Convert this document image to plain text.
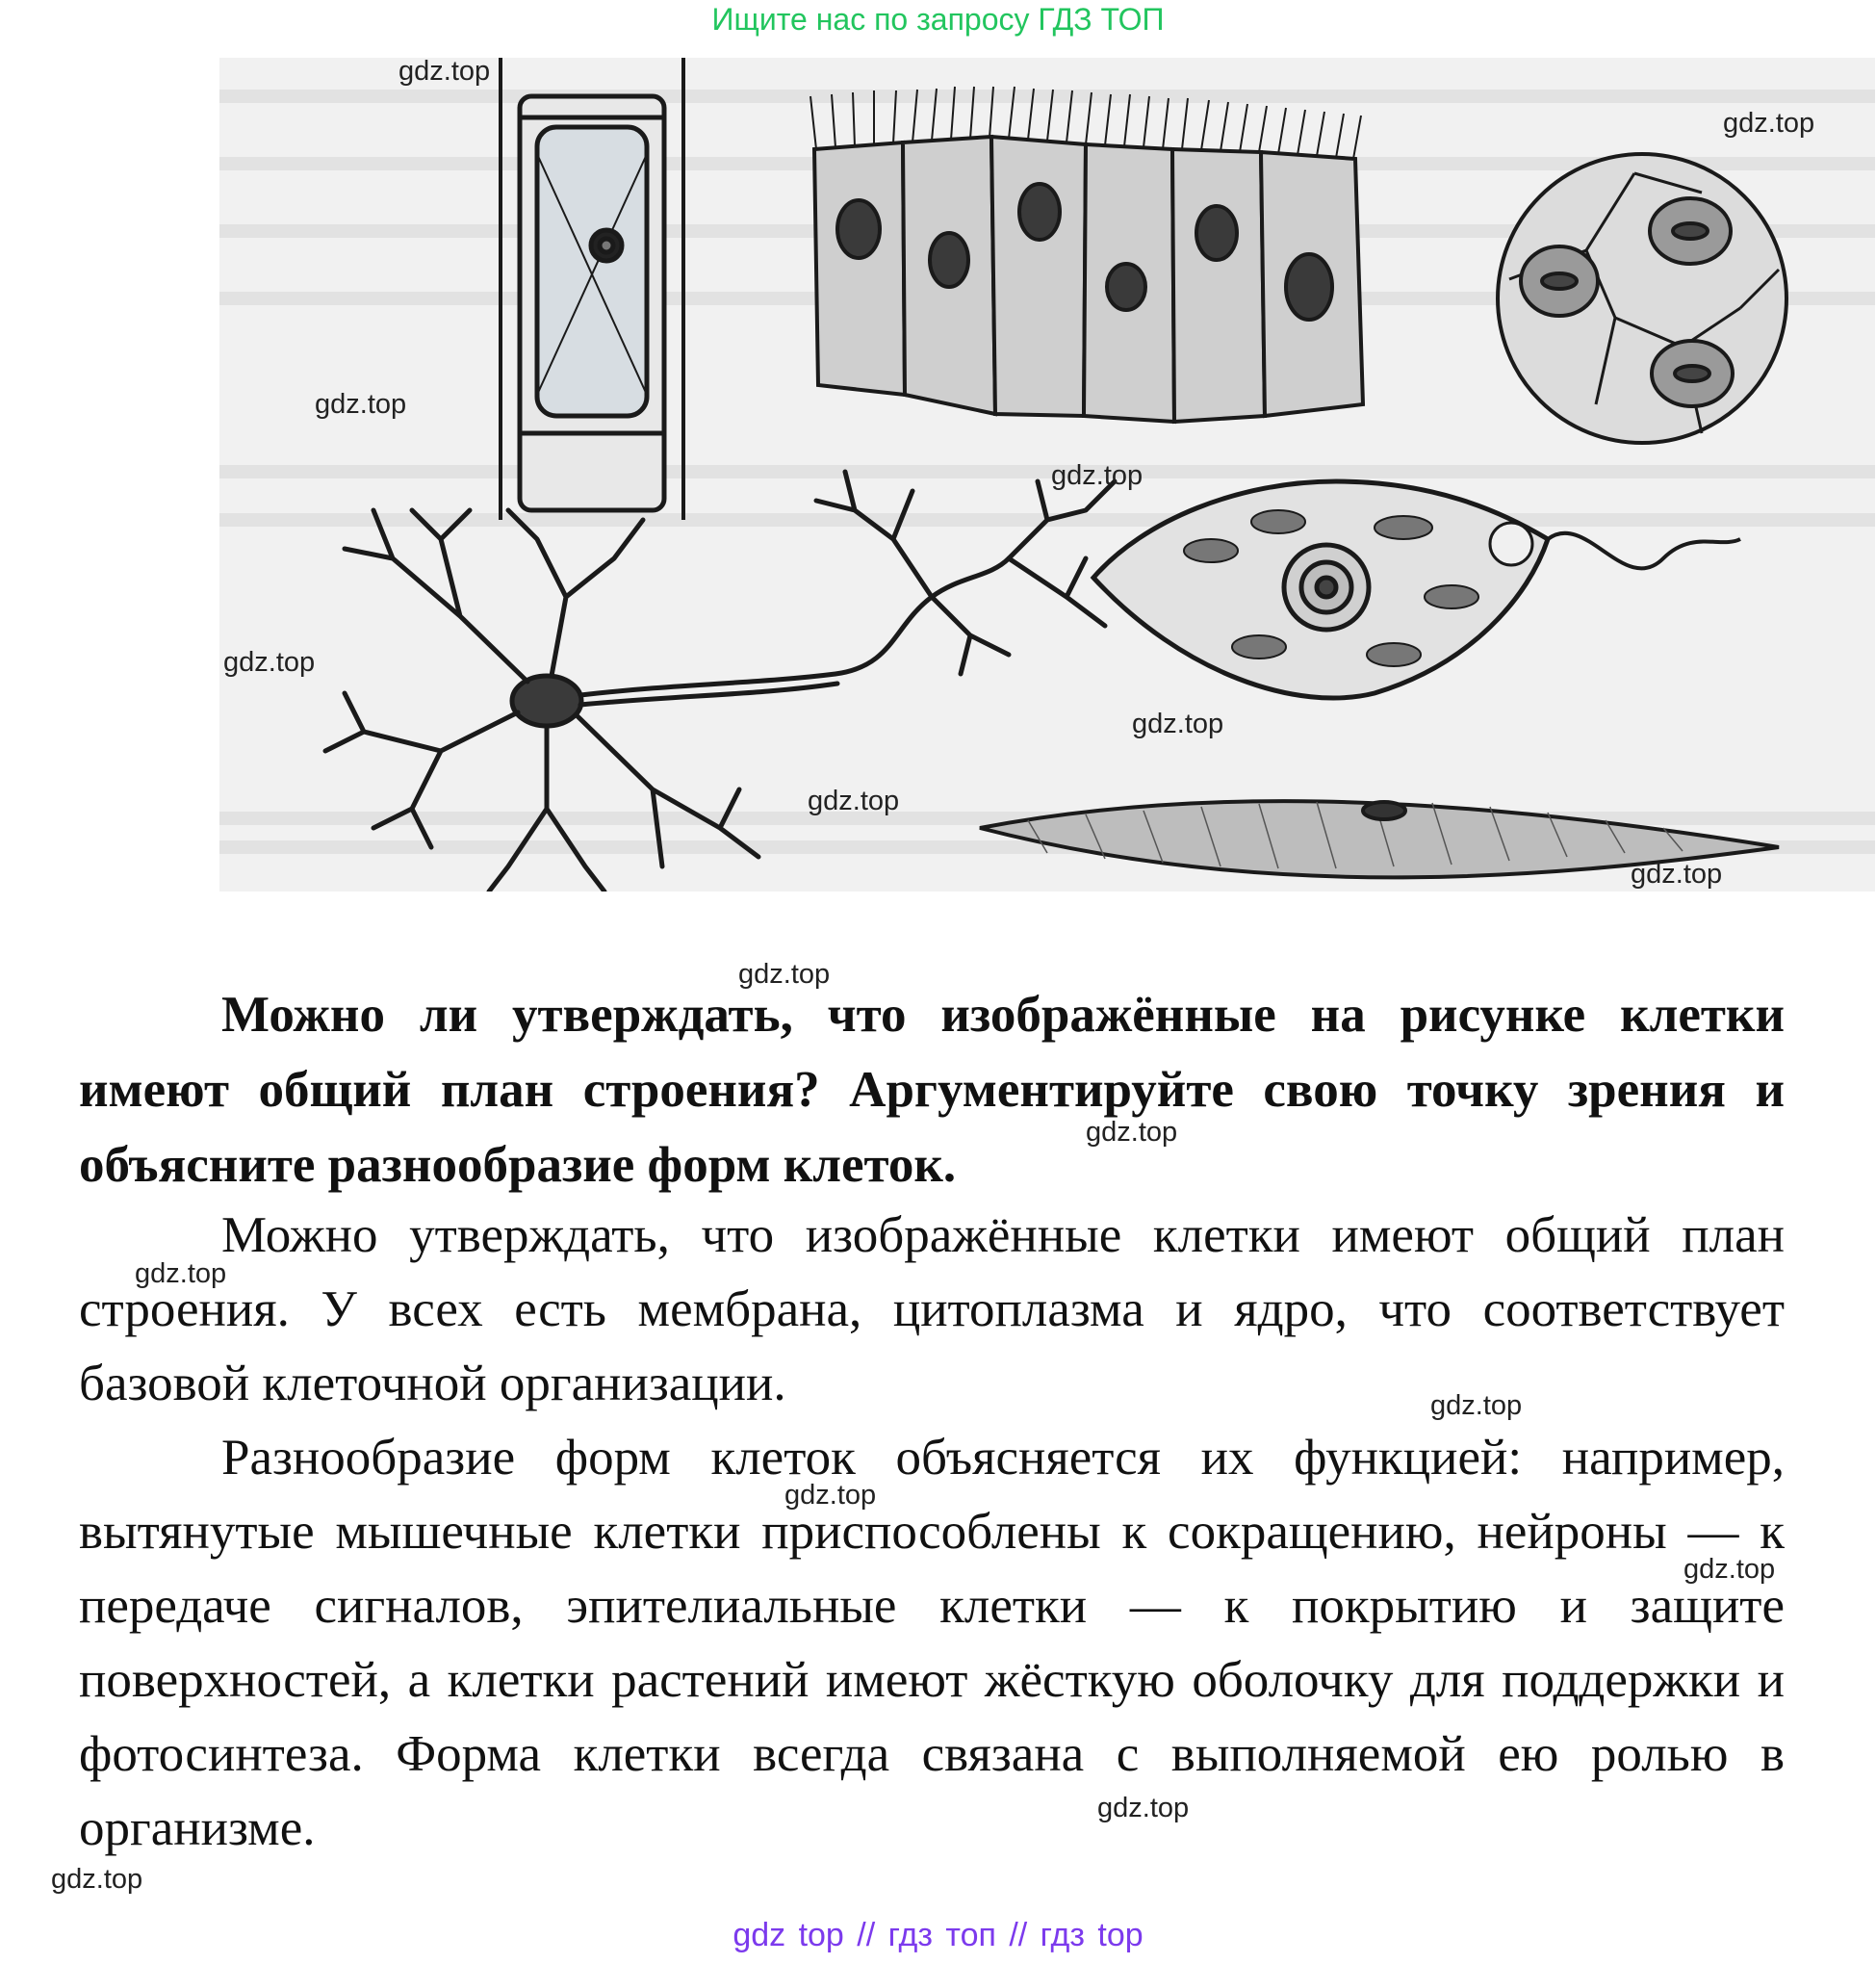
Ищите нас по запросу ГДЗ ТОП
gdz.top
gdz.top
gdz.top
gdz.top
gdz.top
gdz.top
gdz.top
gdz.top
gdz.top
gdz.top
gdz.top
gdz.top
gdz.top
gdz.top
gdz.top
gdz.top
Можно ли утверждать, что изображённые на рисунке клетки имеют общий план строения? Аргументируйте свою точку зрения и объясните разнообразие форм клеток.
Можно утверждать, что изображённые клетки имеют общий план строения. У всех есть мембрана, цитоплазма и ядро, что соответствует базовой клеточной организации.
Разнообразие форм клеток объясняется их функцией: например, вытянутые мышечные клетки приспособлены к сокращению, нейроны — к передаче сигналов, эпителиальные клетки — к покрытию и защите поверхностей, а клетки растений имеют жёсткую оболочку для поддержки и фотосинтеза. Форма клетки всегда связана с выполняемой ею ролью в организме.
gdz top // гдз топ // гдз top
